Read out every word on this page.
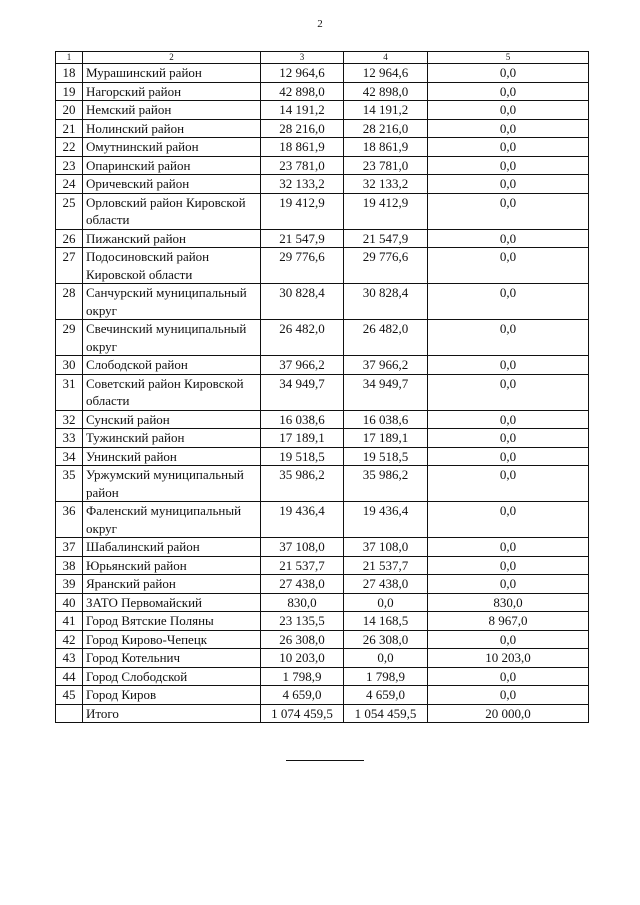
2
1	2	3	4	5
18	Мурашинский район	12 964,6	12 964,6	0,0
19	Нагорский район	42 898,0	42 898,0	0,0
20	Немский район	14 191,2	14 191,2	0,0
21	Нолинский район	28 216,0	28 216,0	0,0
22	Омутнинский район	18 861,9	18 861,9	0,0
23	Опаринский район	23 781,0	23 781,0	0,0
24	Оричевский район	32 133,2	32 133,2	0,0
25	Орловский район Кировской области	19 412,9	19 412,9	0,0
26	Пижанский район	21 547,9	21 547,9	0,0
27	Подосиновский район Кировской области	29 776,6	29 776,6	0,0
28	Санчурский муниципальный округ	30 828,4	30 828,4	0,0
29	Свечинский муниципальный округ	26 482,0	26 482,0	0,0
30	Слободской район	37 966,2	37 966,2	0,0
31	Советский район Кировской области	34 949,7	34 949,7	0,0
32	Сунский район	16 038,6	16 038,6	0,0
33	Тужинский район	17 189,1	17 189,1	0,0
34	Унинский район	19 518,5	19 518,5	0,0
35	Уржумский муниципальный район	35 986,2	35 986,2	0,0
36	Фаленский муниципальный округ	19 436,4	19 436,4	0,0
37	Шабалинский район	37 108,0	37 108,0	0,0
38	Юрьянский район	21 537,7	21 537,7	0,0
39	Яранский район	27 438,0	27 438,0	0,0
40	ЗАТО Первомайский	830,0	0,0	830,0
41	Город Вятские Поляны	23 135,5	14 168,5	8 967,0
42	Город Кирово-Чепецк	26 308,0	26 308,0	0,0
43	Город Котельнич	10 203,0	0,0	10 203,0
44	Город Слободской	1 798,9	1 798,9	0,0
45	Город Киров	4 659,0	4 659,0	0,0
	Итого	1 074 459,5	1 054 459,5	20 000,0
